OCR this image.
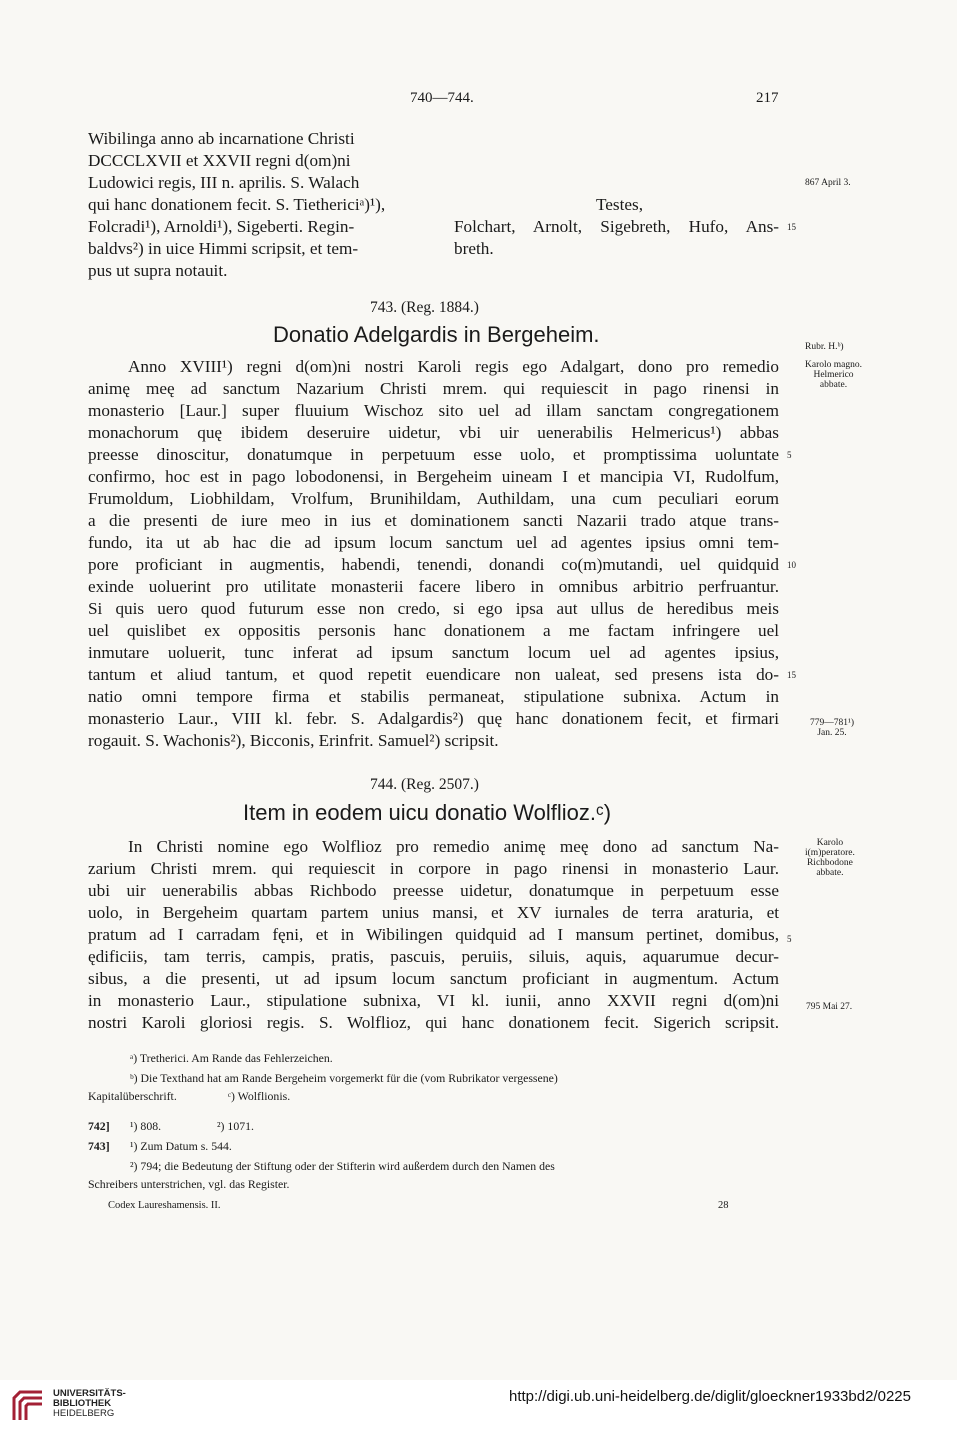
740—744.	217
Wibilinga anno ab incarnatione Christi
DCCCLXVII et XXVII regni d(om)ni
Ludowici regis, III n. aprilis. S. Walach
qui hanc donationem fecit. S. Tiethericiᵃ)¹),
Folcradi¹), Arnoldi¹), Sigeberti. Regin-
baldvs²) in uice Himmi scripsit, et tem-
pus ut supra notauit.
Testes,
Folchart, Arnolt, Sigebreth, Hufo, Ans-
breth.
15
867 April 3.
743. (Reg. 1884.)
Donatio Adelgardis in Bergeheim.	Rubr. H.ᵇ)
Anno XVIII¹) regni d(om)ni nostri Karoli regis ego Adalgart, dono pro remedio
animę meę ad sanctum Nazarium Christi mrem. qui requiescit in pago rinensi in
monasterio [Laur.] super fluuium Wischoz sito uel ad illam sanctam congregationem
monachorum quę ibidem deseruire uidetur, vbi uir uenerabilis Helmericus¹) abbas
preesse dinoscitur, donatumque in perpetuum esse uolo, et promptissima uoluntate
confirmo, hoc est in pago lobodonensi, in Bergeheim uineam I et mancipia VI, Rudolfum,
Frumoldum, Liobhildam, Vrolfum, Brunihildam, Authildam, una cum peculiari eorum
a die presenti de iure meo in ius et dominationem sancti Nazarii trado atque trans-
fundo, ita ut ab hac die ad ipsum locum sanctum uel ad agentes ipsius omni tem-
pore proficiant in augmentis, habendi, tenendi, donandi co(m)mutandi, uel quidquid
exinde uoluerint pro utilitate monasterii facere libero in omnibus arbitrio perfruantur.
Si quis uero quod futurum esse non credo, si ego ipsa aut ullus de heredibus meis
uel quislibet ex oppositis personis hanc donationem a me factam infringere uel
inmutare uoluerit, tunc inferat ad ipsum sanctum locum uel ad agentes ipsius,
tantum et aliud tantum, et quod repetit euendicare non ualeat, sed presens ista do-
natio omni tempore firma et stabilis permaneat, stipulatione subnixa. Actum in
monasterio Laur., VIII kl. febr. S. Adalgardis²) quę hanc donationem fecit, et firmari
rogauit. S. Wachonis²), Bicconis, Erinfrit. Samuel²) scripsit.
Karolo magno.
Helmerico
abbate.
5
10
15
779—781¹)
Jan. 25.
744. (Reg. 2507.)
Item in eodem uicu donatio Wolflioz.ᶜ)
In Christi nomine ego Wolflioz pro remedio animę meę dono ad sanctum Na-
zarium Christi mrem. qui requiescit in corpore in pago rinensi in monasterio Laur.
ubi uir uenerabilis abbas Richbodo preesse uidetur, donatumque in perpetuum esse
uolo, in Bergeheim quartam partem unius mansi, et XV iurnales de terra araturia, et
pratum ad I carradam fęni, et in Wibilingen quidquid ad I mansum pertinet, domibus,
ędificiis, tam terris, campis, pratis, pascuis, peruiis, siluis, aquis, aquarumue decur-
sibus, a die presenti, ut ad ipsum locum sanctum proficiant in augmentum. Actum
in monasterio Laur., stipulatione subnixa, VI kl. iunii, anno XXVII regni d(om)ni
nostri Karoli gloriosi regis. S. Wolflioz, qui hanc donationem fecit. Sigerich scripsit.
Karolo
i(m)peratore.
Richbodone
abbate.
5
795 Mai 27.
ᵃ) Tretherici. Am Rande das Fehlerzeichen.
ᵇ) Die Texthand hat am Rande Bergeheim vorgemerkt für die (vom Rubrikator vergessene)
Kapitalüberschrift.	ᶜ) Wolflionis.
742] ¹) 808.	²) 1071.
743] ¹) Zum Datum s. 544.
²) 794; die Bedeutung der Stiftung oder der Stifterin wird außerdem durch den Namen des
Schreibers unterstrichen, vgl. das Register.
Codex Laureshamensis. II.	28
UNIVERSITÄTS-
BIBLIOTHEK
HEIDELBERG
http://digi.ub.uni-heidelberg.de/diglit/gloeckner1933bd2/0225
